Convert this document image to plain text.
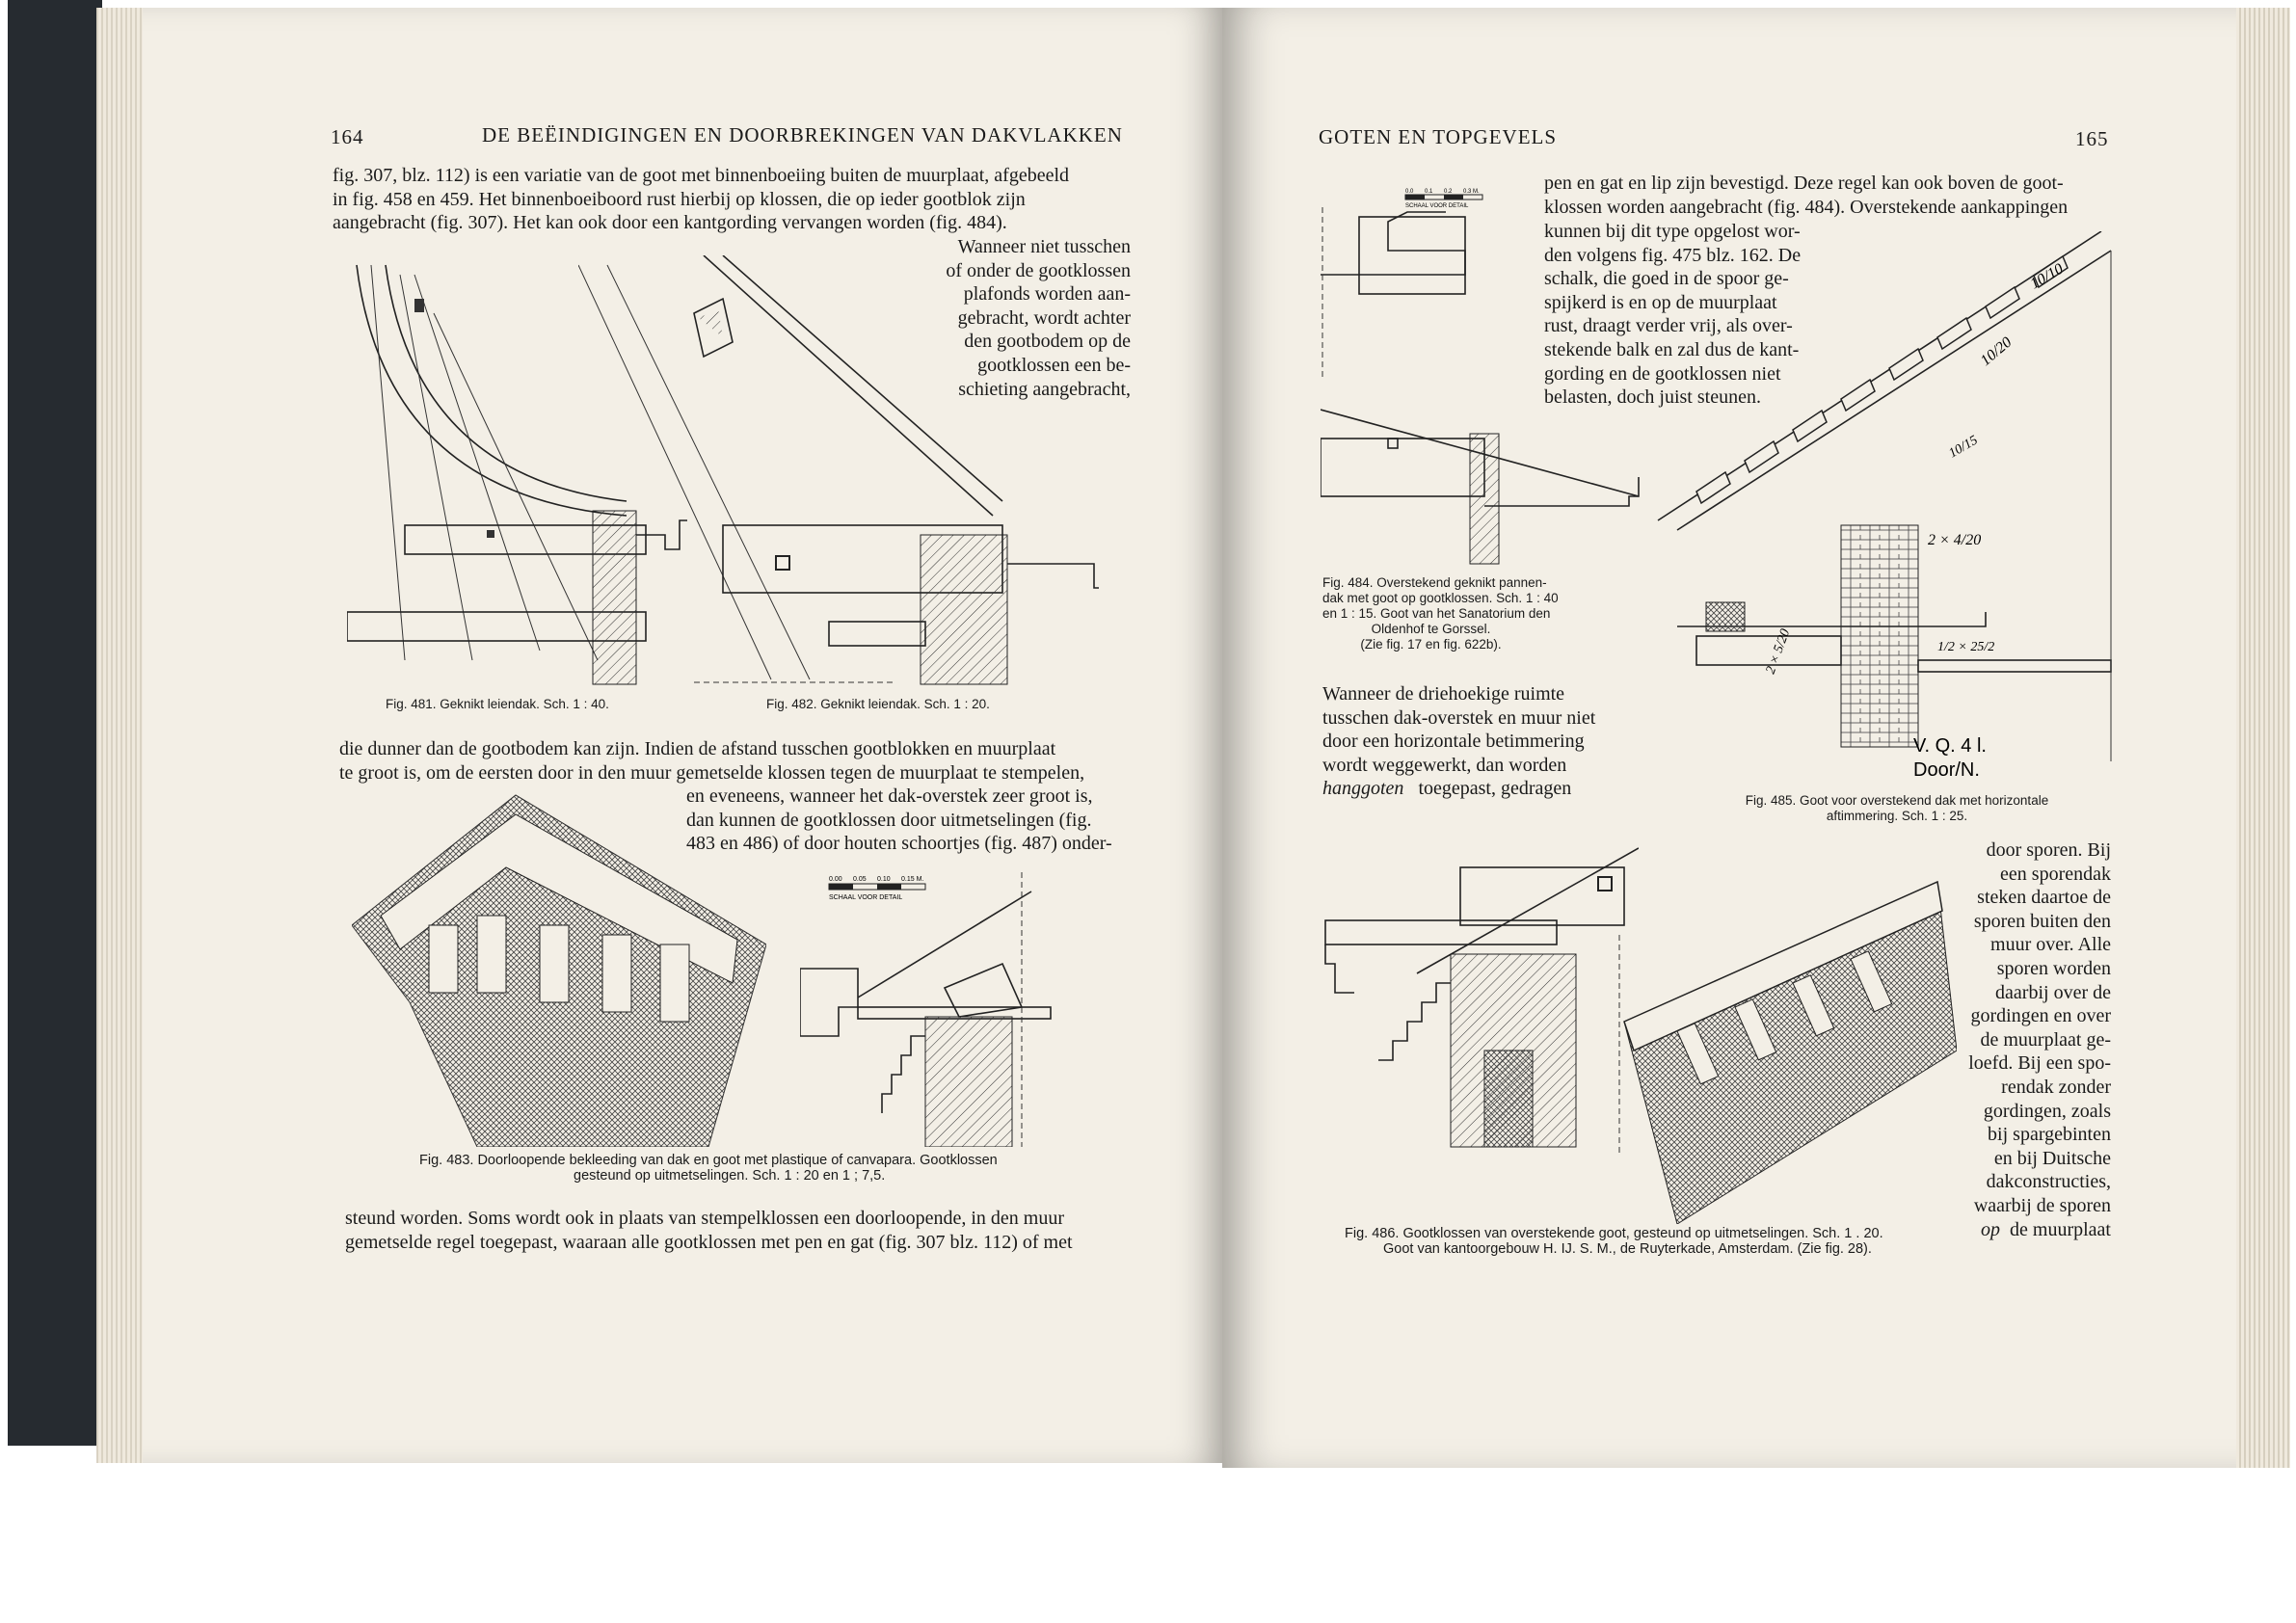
164	DE BEËINDIGINGEN EN DOORBREKINGEN VAN DAKVLAKKEN
fig. 307, blz. 112) is een variatie van de goot met binnenboeiing buiten de muurplaat, afgebeeld
in fig. 458 en 459. Het binnenboeiboord rust hierbij op klossen, die op ieder gootblok zijn
aangebracht (fig. 307). Het kan ook door een kantgording vervangen worden (fig. 484).
Wanneer niet tusschen
of onder de gootklossen
plafonds worden aan-
gebracht, wordt achter
den gootbodem op de
gootklossen een be-
schieting aangebracht,
Fig. 481. Geknikt leiendak. Sch. 1 : 40.	Fig. 482. Geknikt leiendak. Sch. 1 : 20.
die dunner dan de gootbodem kan zijn. Indien de afstand tusschen gootblokken en muurplaat
te groot is, om de eersten door in den muur gemetselde klossen tegen de muurplaat te stempelen,
en eveneens, wanneer het dak-overstek zeer groot is,
dan kunnen de gootklossen door uitmetselingen (fig.
483 en 486) of door houten schoortjes (fig. 487) onder-
0.00 0.05 0.10 0.15 M.
SCHAAL VOOR DETAIL
Fig. 483. Doorloopende bekleeding van dak en goot met plastique of canvapara. Gootklossen
gesteund op uitmetselingen. Sch. 1 : 20 en 1 ; 7,5.
steund worden. Soms wordt ook in plaats van stempelklossen een doorloopende, in den muur
gemetselde regel toegepast, waaraan alle gootklossen met pen en gat (fig. 307 blz. 112) of met
GOTEN EN TOPGEVELS	165
pen en gat en lip zijn bevestigd. Deze regel kan ook boven de goot-
klossen worden aangebracht (fig. 484). Overstekende aankappingen
kunnen bij dit type opgelost wor-
den volgens fig. 475 blz. 162. De
schalk, die goed in de spoor ge-
spijkerd is en op de muurplaat
rust, draagt verder vrij, als over-
stekende balk en zal dus de kant-
gording en de gootklossen niet
belasten, doch juist steunen.
0.0 0.1 0.2 0.3 M.
SCHAAL VOOR DETAIL
Fig. 484. Overstekend geknikt pannen-
dak met goot op gootklossen. Sch. 1 : 40
en 1 : 15. Goot van het Sanatorium den
Oldenhof te Gorssel.
(Zie fig. 17 en fig. 622b).
Wanneer de driehoekige ruimte
tusschen dak-overstek en muur niet
door een horizontale betimmering
wordt weggewerkt, dan worden
hanggoten toegepast, gedragen
10/10
10/20
10/15
2 × 4/20
2 × 5/20	1/2 × 25/2
V. Q. 4 l.
Door/N.
Fig. 485. Goot voor overstekend dak met horizontale
aftimmering. Sch. 1 : 25.
door sporen. Bij
een sporendak
steken daartoe de
sporen buiten den
muur over. Alle
sporen worden
daarbij over de
gordingen en over
de muurplaat ge-
loefd. Bij een spo-
rendak zonder
gordingen, zoals
bij spargebinten
en bij Duitsche
dakconstructies,
waarbij de sporen
op de muurplaat
Fig. 486. Gootklossen van overstekende goot, gesteund op uitmetselingen. Sch. 1 . 20.
Goot van kantoorgebouw H. IJ. S. M., de Ruyterkade, Amsterdam. (Zie fig. 28).
